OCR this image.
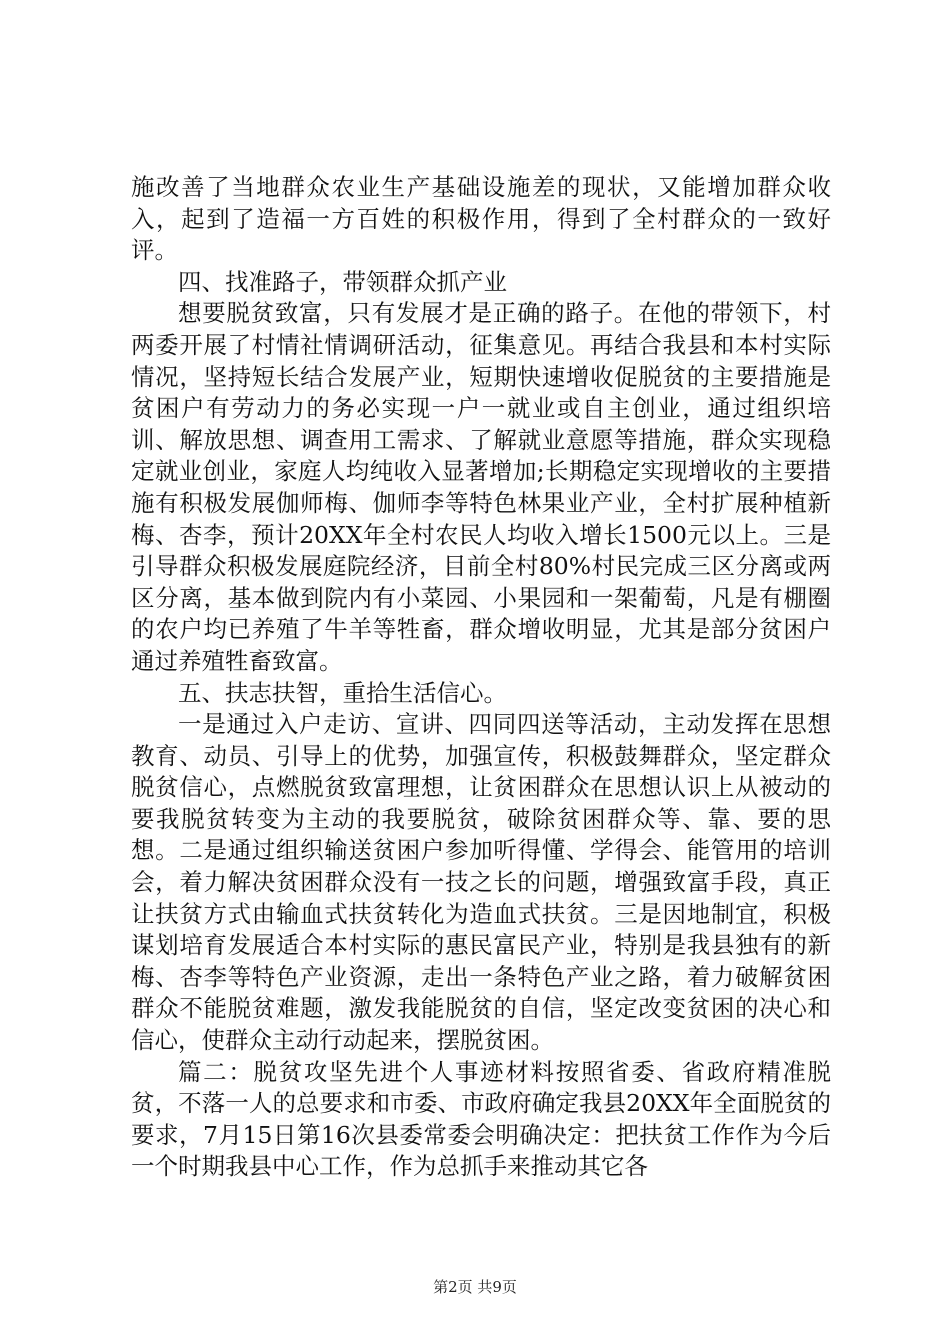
施改善了当地群众农业生产基础设施差的现状，又能增加群众收入，起到了造福一方百姓的积极作用，得到了全村群众的一致好评。

四、找准路子，带领群众抓产业

想要脱贫致富，只有发展才是正确的路子。在他的带领下，村两委开展了村情社情调研活动，征集意见。再结合我县和本村实际情况，坚持短长结合发展产业，短期快速增收促脱贫的主要措施是贫困户有劳动力的务必实现一户一就业或自主创业，通过组织培训、解放思想、调查用工需求、了解就业意愿等措施，群众实现稳定就业创业，家庭人均纯收入显著增加;长期稳定实现增收的主要措施有积极发展伽师梅、伽师李等特色林果业产业，全村扩展种植新梅、杏李，预计20XX年全村农民人均收入增长1500元以上。三是引导群众积极发展庭院经济，目前全村80%村民完成三区分离或两区分离，基本做到院内有小菜园、小果园和一架葡萄，凡是有棚圈的农户均已养殖了牛羊等牲畜，群众增收明显，尤其是部分贫困户通过养殖牲畜致富。

五、扶志扶智，重拾生活信心。

一是通过入户走访、宣讲、四同四送等活动，主动发挥在思想教育、动员、引导上的优势，加强宣传，积极鼓舞群众，坚定群众脱贫信心，点燃脱贫致富理想，让贫困群众在思想认识上从被动的要我脱贫转变为主动的我要脱贫，破除贫困群众等、靠、要的思想。二是通过组织输送贫困户参加听得懂、学得会、能管用的培训会，着力解决贫困群众没有一技之长的问题，增强致富手段，真正让扶贫方式由输血式扶贫转化为造血式扶贫。三是因地制宜，积极谋划培育发展适合本村实际的惠民富民产业，特别是我县独有的新梅、杏李等特色产业资源，走出一条特色产业之路，着力破解贫困群众不能脱贫难题，激发我能脱贫的自信，坚定改变贫困的决心和信心，使群众主动行动起来，摆脱贫困。

篇二：脱贫攻坚先进个人事迹材料按照省委、省政府精准脱贫，不落一人的总要求和市委、市政府确定我县20XX年全面脱贫的要求，7月15日第16次县委常委会明确决定：把扶贫工作作为今后一个时期我县中心工作，作为总抓手来推动其它各

第2页 共9页
